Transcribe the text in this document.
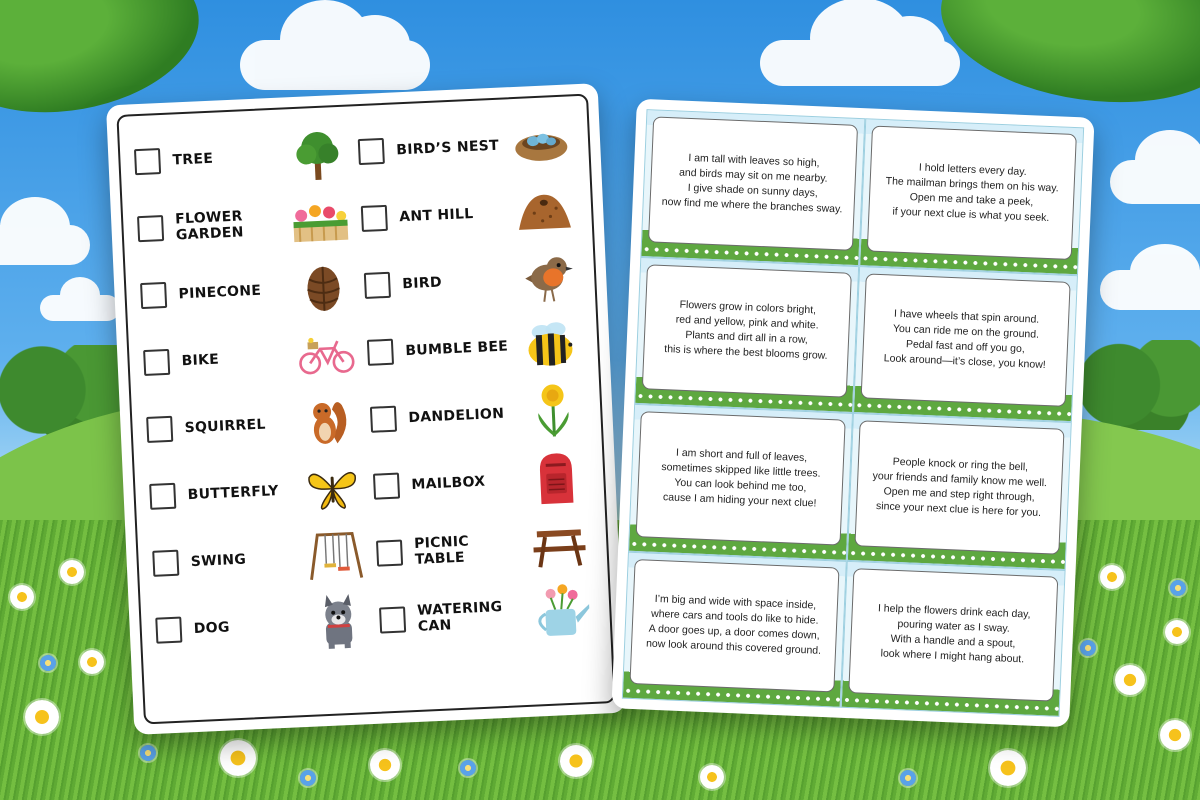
TREE
FLOWER
GARDEN
PINECONE
BIKE
SQUIRREL
BUTTERFLY
SWING
DOG
BIRD’S NEST
ANT HILL
BIRD
BUMBLE BEE
DANDELION
MAILBOX
PICNIC
TABLE
WATERING
CAN

I am tall with leaves so high,
and birds may sit on me nearby.
I give shade on sunny days,
now find me where the branches sway.

I hold letters every day.
The mailman brings them on his way.
Open me and take a peek,
if your next clue is what you seek.

Flowers grow in colors bright,
red and yellow, pink and white.
Plants and dirt all in a row,
this is where the best blooms grow.

I have wheels that spin around.
You can ride me on the ground.
Pedal fast and off you go,
Look around—it’s close, you know!

I am short and full of leaves,
sometimes skipped like little trees.
You can look behind me too,
cause I am hiding your next clue!

People knock or ring the bell,
your friends and family know me well.
Open me and step right through,
since your next clue is here for you.

I’m big and wide with space inside,
where cars and tools do like to hide.
A door goes up, a door comes down,
now look around this covered ground.

I help the flowers drink each day,
pouring water as I sway.
With a handle and a spout,
look where I might hang about.
